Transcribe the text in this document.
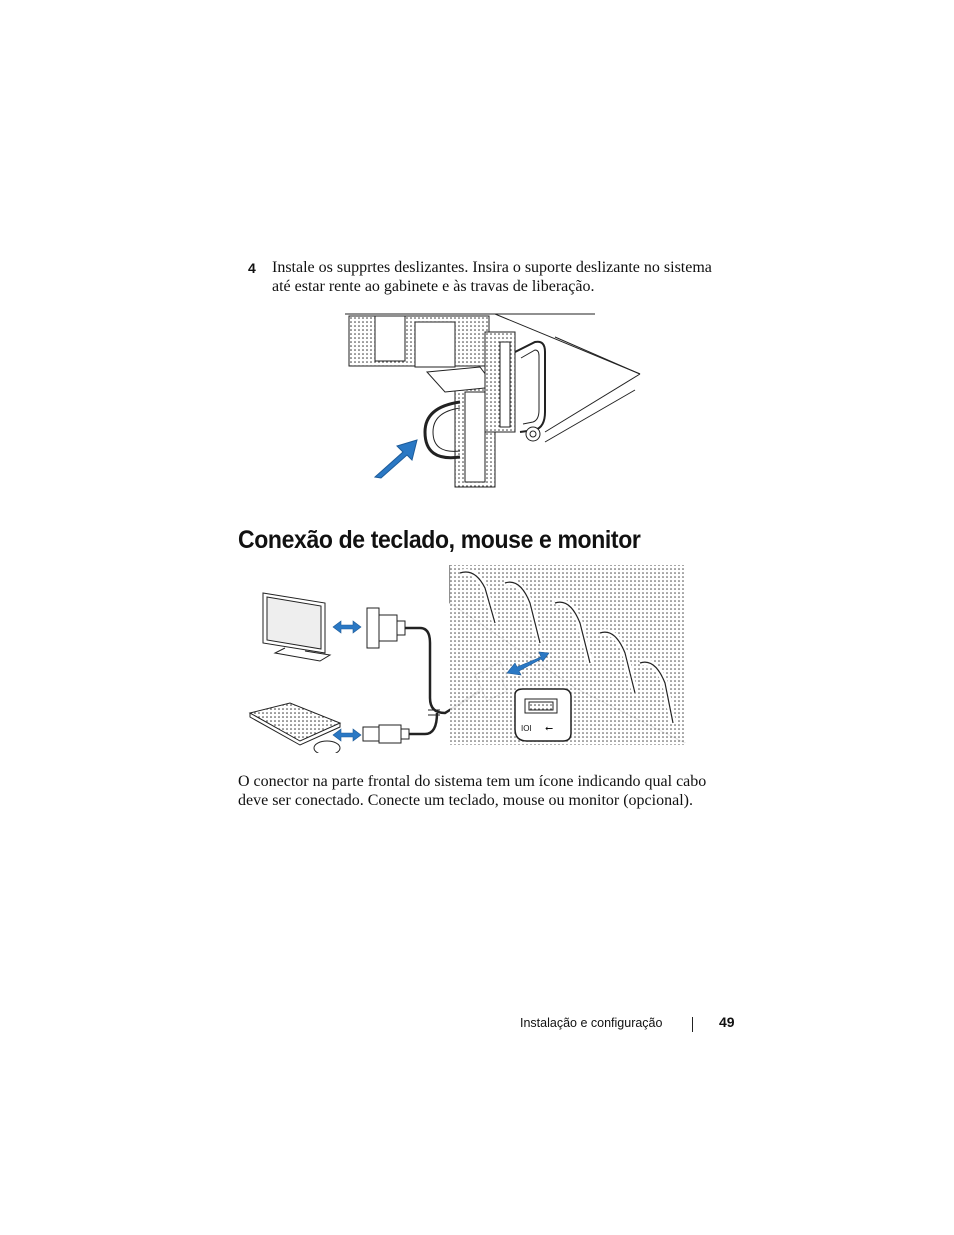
4 Instale os supprtes deslizantes. Insira o suporte deslizante no sistema até estar rente ao gabinete e às travas de liberação.
Conexão de teclado, mouse e monitor
IOI ⭠
O conector na parte frontal do sistema tem um ícone indicando qual cabo deve ser conectado. Conecte um teclado, mouse ou monitor (opcional).
Instalação e configuração	49
